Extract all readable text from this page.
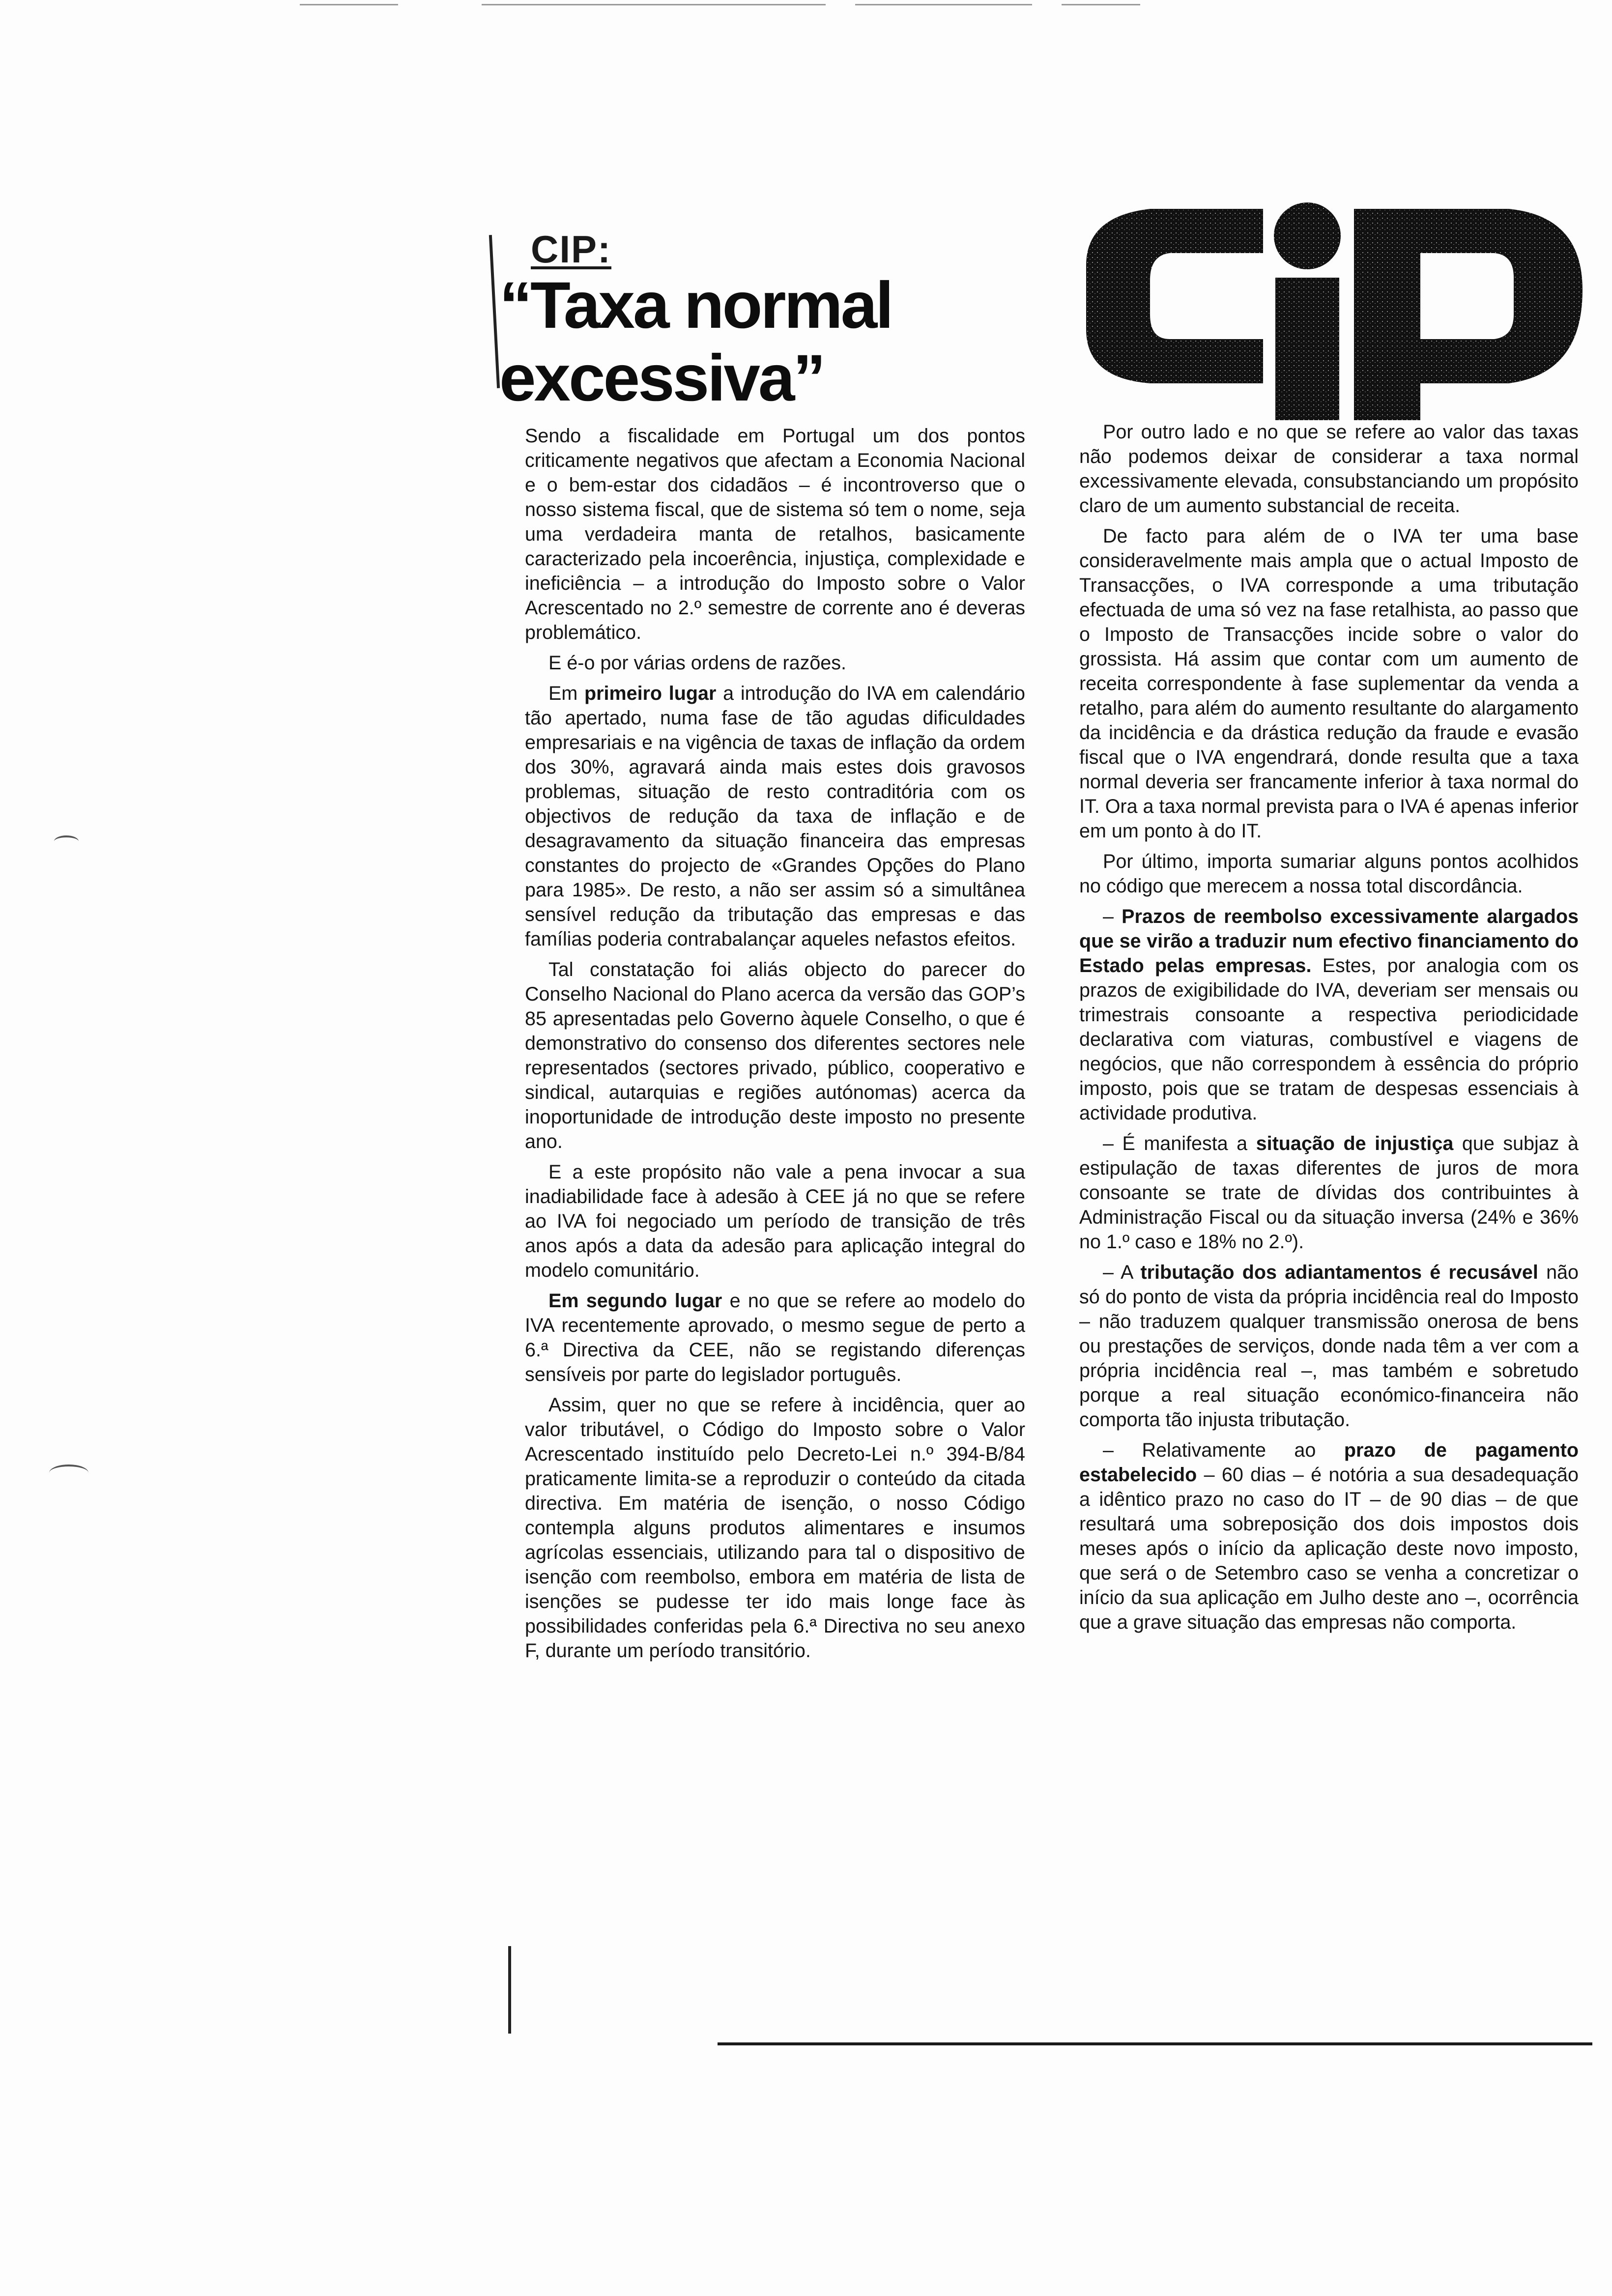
CIP:
“Taxa normal excessiva”

Sendo a fiscalidade em Portugal um dos pontos criticamente negativos que afectam a Economia Nacional e o bem-estar dos cidadãos – é incontroverso que o nosso sistema fiscal, que de sistema só tem o nome, seja uma verdadeira manta de retalhos, basicamente caracterizado pela incoerência, injustiça, complexidade e ineficiência – a introdução do Imposto sobre o Valor Acrescentado no 2.º semestre de corrente ano é deveras problemático.

E é-o por várias ordens de razões.

Em primeiro lugar a introdução do IVA em calendário tão apertado, numa fase de tão agudas dificuldades empresariais e na vigência de taxas de inflação da ordem dos 30%, agravará ainda mais estes dois gravosos problemas, situação de resto contraditória com os objectivos de redução da taxa de inflação e de desagravamento da situação financeira das empresas constantes do projecto de «Grandes Opções do Plano para 1985». De resto, a não ser assim só a simultânea sensível redução da tributação das empresas e das famílias poderia contrabalançar aqueles nefastos efeitos.

Tal constatação foi aliás objecto do parecer do Conselho Nacional do Plano acerca da versão das GOP’s 85 apresentadas pelo Governo àquele Conselho, o que é demonstrativo do consenso dos diferentes sectores nele representados (sectores privado, público, cooperativo e sindical, autarquias e regiões autónomas) acerca da inoportunidade de introdução deste imposto no presente ano.

E a este propósito não vale a pena invocar a sua inadiabilidade face à adesão à CEE já no que se refere ao IVA foi negociado um período de transição de três anos após a data da adesão para aplicação integral do modelo comunitário.

Em segundo lugar e no que se refere ao modelo do IVA recentemente aprovado, o mesmo segue de perto a 6.ª Directiva da CEE, não se registando diferenças sensíveis por parte do legislador português.

Assim, quer no que se refere à incidência, quer ao valor tributável, o Código do Imposto sobre o Valor Acrescentado instituído pelo Decreto-Lei n.º 394-B/84 praticamente limita-se a reproduzir o conteúdo da citada directiva. Em matéria de isenção, o nosso Código contempla alguns produtos alimentares e insumos agrícolas essenciais, utilizando para tal o dispositivo de isenção com reembolso, embora em matéria de lista de isenções se pudesse ter ido mais longe face às possibilidades conferidas pela 6.ª Directiva no seu anexo F, durante um período transitório.

Por outro lado e no que se refere ao valor das taxas não podemos deixar de considerar a taxa normal excessivamente elevada, consubstanciando um propósito claro de um aumento substancial de receita.

De facto para além de o IVA ter uma base consideravelmente mais ampla que o actual Imposto de Transacções, o IVA corresponde a uma tributação efectuada de uma só vez na fase retalhista, ao passo que o Imposto de Transacções incide sobre o valor do grossista. Há assim que contar com um aumento de receita correspondente à fase suplementar da venda a retalho, para além do aumento resultante do alargamento da incidência e da drástica redução da fraude e evasão fiscal que o IVA engendrará, donde resulta que a taxa normal deveria ser francamente inferior à taxa normal do IT. Ora a taxa normal prevista para o IVA é apenas inferior em um ponto à do IT.

Por último, importa sumariar alguns pontos acolhidos no código que merecem a nossa total discordância.

– Prazos de reembolso excessivamente alargados que se virão a traduzir num efectivo financiamento do Estado pelas empresas. Estes, por analogia com os prazos de exigibilidade do IVA, deveriam ser mensais ou trimestrais consoante a respectiva periodicidade declarativa com viaturas, combustível e viagens de negócios, que não correspondem à essência do próprio imposto, pois que se tratam de despesas essenciais à actividade produtiva.

– É manifesta a situação de injustiça que subjaz à estipulação de taxas diferentes de juros de mora consoante se trate de dívidas dos contribuintes à Administração Fiscal ou da situação inversa (24% e 36% no 1.º caso e 18% no 2.º).

– A tributação dos adiantamentos é recusável não só do ponto de vista da própria incidência real do Imposto – não traduzem qualquer transmissão onerosa de bens ou prestações de serviços, donde nada têm a ver com a própria incidência real –, mas também e sobretudo porque a real situação económico-financeira não comporta tão injusta tributação.

– Relativamente ao prazo de pagamento estabelecido – 60 dias – é notória a sua desadequação a idêntico prazo no caso do IT – de 90 dias – de que resultará uma sobreposição dos dois impostos dois meses após o início da aplicação deste novo imposto, que será o de Setembro caso se venha a concretizar o início da sua aplicação em Julho deste ano –, ocorrência que a grave situação das empresas não comporta.
